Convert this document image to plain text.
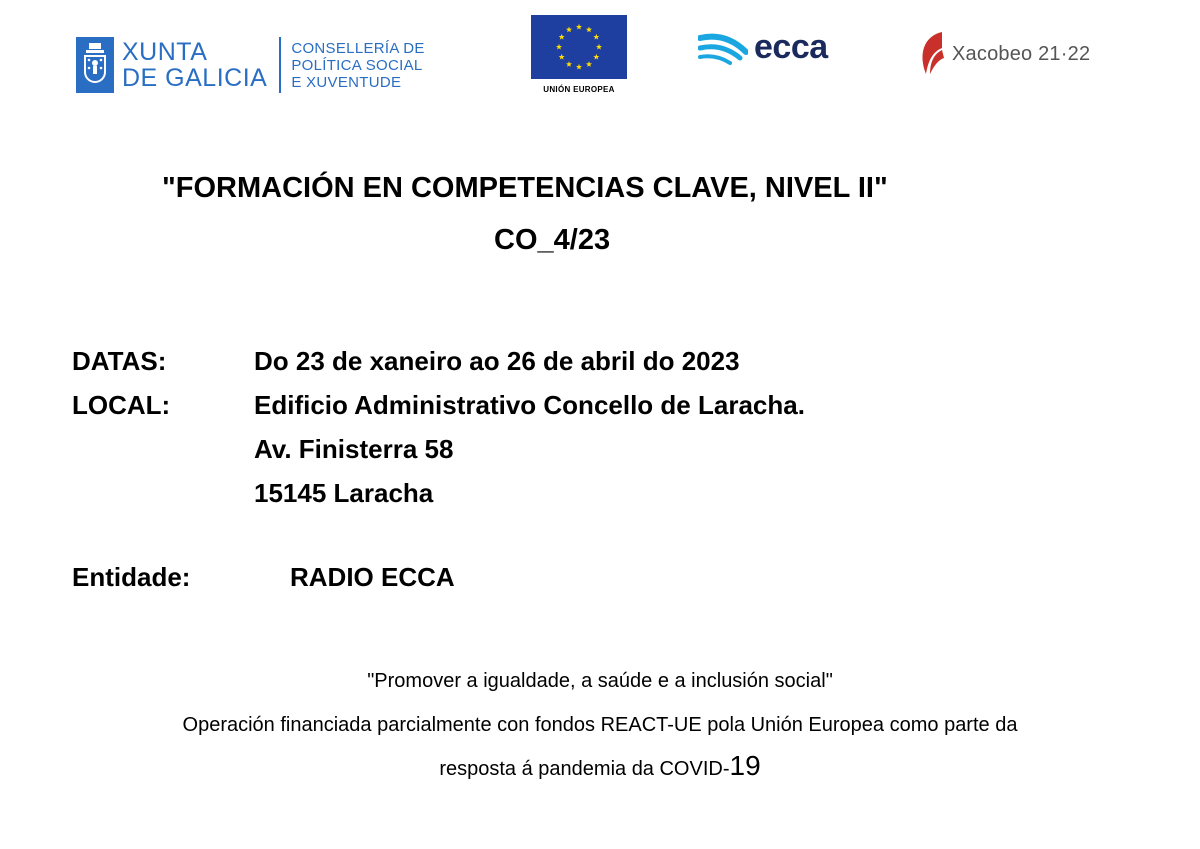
XUNTA
DE GALICIA
CONSELLERÍA DE
POLÍTICA SOCIAL
E XUVENTUDE	UNIÓN EUROPEA
ecca	Xacobeo 21·22
"FORMACIÓN EN COMPETENCIAS CLAVE, NIVEL II"
CO_4/23
DATAS:	Do 23 de xaneiro ao 26 de abril do 2023
LOCAL:	Edificio Administrativo Concello de Laracha.
Av. Finisterra 58
15145 Laracha
Entidade:	RADIO ECCA
"Promover a igualdade, a saúde e a inclusión social"
Operación financiada parcialmente con fondos REACT-UE pola Unión Europea como parte da
resposta á pandemia da COVID-19
